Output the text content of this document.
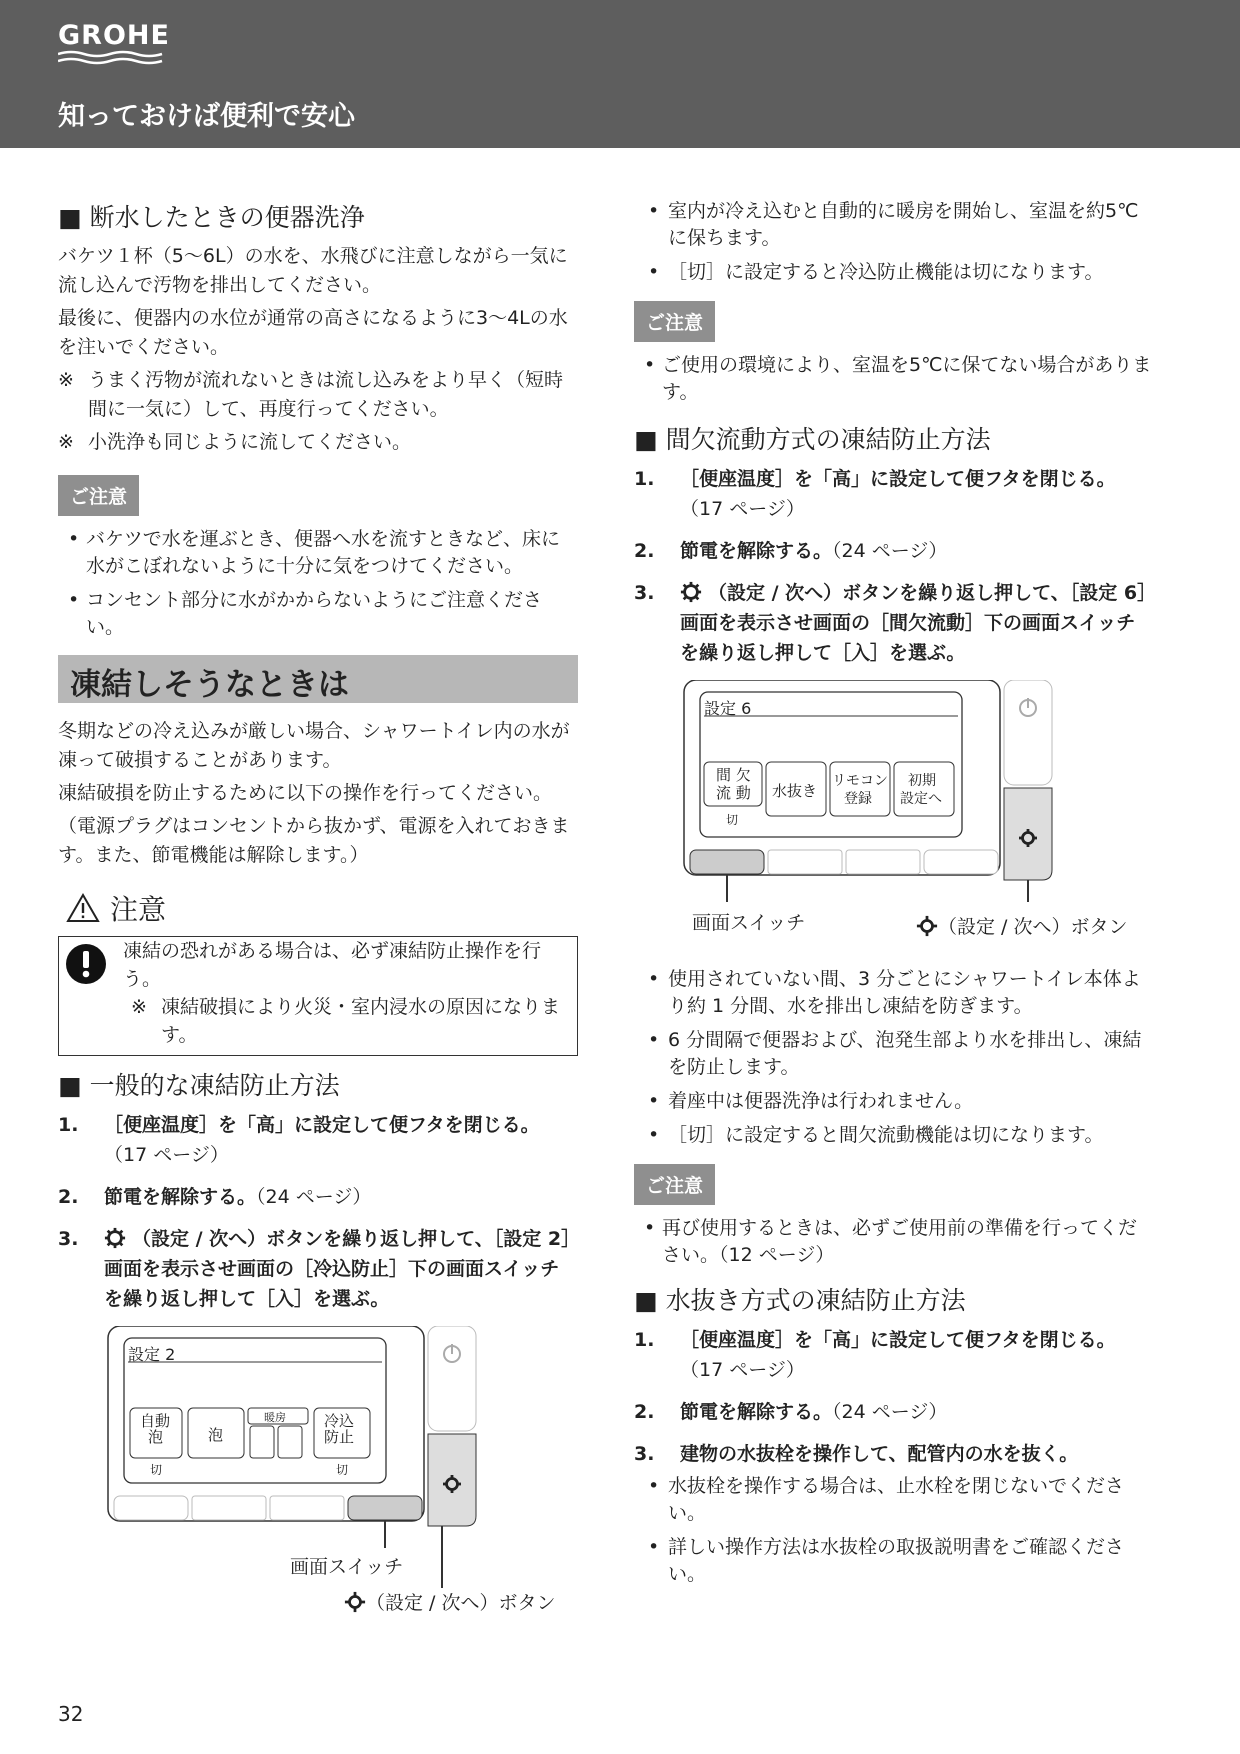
GROHE
知っておけば便利で安心
■ 断水したときの便器洗浄

バケツ１杯（5～6L）の水を、水飛びに注意しながら一気に流し込んで汚物を排出してください。

最後に、便器内の水位が通常の高さになるように3～4Lの水を注いでください。

※ うまく汚物が流れないときは流し込みをより早く（短時間に一気に）して、再度行ってください。
※ 小洗浄も同じように流してください。
ご注意
• バケツで水を運ぶとき、便器へ水を流すときなど、床に水がこぼれないように十分に気をつけてください。
• コンセント部分に水がかからないようにご注意ください。
凍結しそうなときは

冬期などの冷え込みが厳しい場合、シャワートイレ内の水が凍って破損することがあります。

凍結破損を防止するために以下の操作を行ってください。

（電源プラグはコンセントから抜かず、電源を入れておきます。また、節電機能は解除します。）

注意
凍結の恐れがある場合は、必ず凍結防止操作を行う。
※ 凍結破損により火災・室内浸水の原因になります。
■ 一般的な凍結防止方法
1.	［便座温度］を「高」に設定して便フタを閉じる。
（17 ページ）
2.	節電を解除する。（24 ページ）
3.	（設定 / 次へ）ボタンを繰り返し押して、［設定 2］画面を表示させ画面の［冷込防止］下の画面スイッチを繰り返し押して［入］を選ぶ。
設定 2
自動
泡
切
泡
暖房	冷込
防止
切
画面スイッチ
（設定 / 次へ）ボタン
• 室内が冷え込むと自動的に暖房を開始し、室温を約5℃に保ちます。
• ［切］に設定すると冷込防止機能は切になります。
ご注意
• ご使用の環境により、室温を5℃に保てない場合があります。
■ 間欠流動方式の凍結防止方法
1.	［便座温度］を「高」に設定して便フタを閉じる。
（17 ページ）
2.	節電を解除する。（24 ページ）
3.	（設定 / 次へ）ボタンを繰り返し押して、［設定 6］画面を表示させ画面の［間欠流動］下の画面スイッチを繰り返し押して［入］を選ぶ。
設定 6
間 欠
流 動
切
水抜き
リモコン
登録
初期
設定へ
画面スイッチ	（設定 / 次へ）ボタン
• 使用されていない間、3 分ごとにシャワートイレ本体より約 1 分間、水を排出し凍結を防ぎます。
• 6 分間隔で便器および、泡発生部より水を排出し、凍結を防止します。
• 着座中は便器洗浄は行われません。
• ［切］に設定すると間欠流動機能は切になります。
ご注意
• 再び使用するときは、必ずご使用前の準備を行ってください。（12 ページ）
■ 水抜き方式の凍結防止方法
1.	［便座温度］を「高」に設定して便フタを閉じる。
（17 ページ）
2.	節電を解除する。（24 ページ）
3.	建物の水抜栓を操作して、配管内の水を抜く。
• 水抜栓を操作する場合は、止水栓を閉じないでください。
• 詳しい操作方法は水抜栓の取扱説明書をご確認ください。
32
